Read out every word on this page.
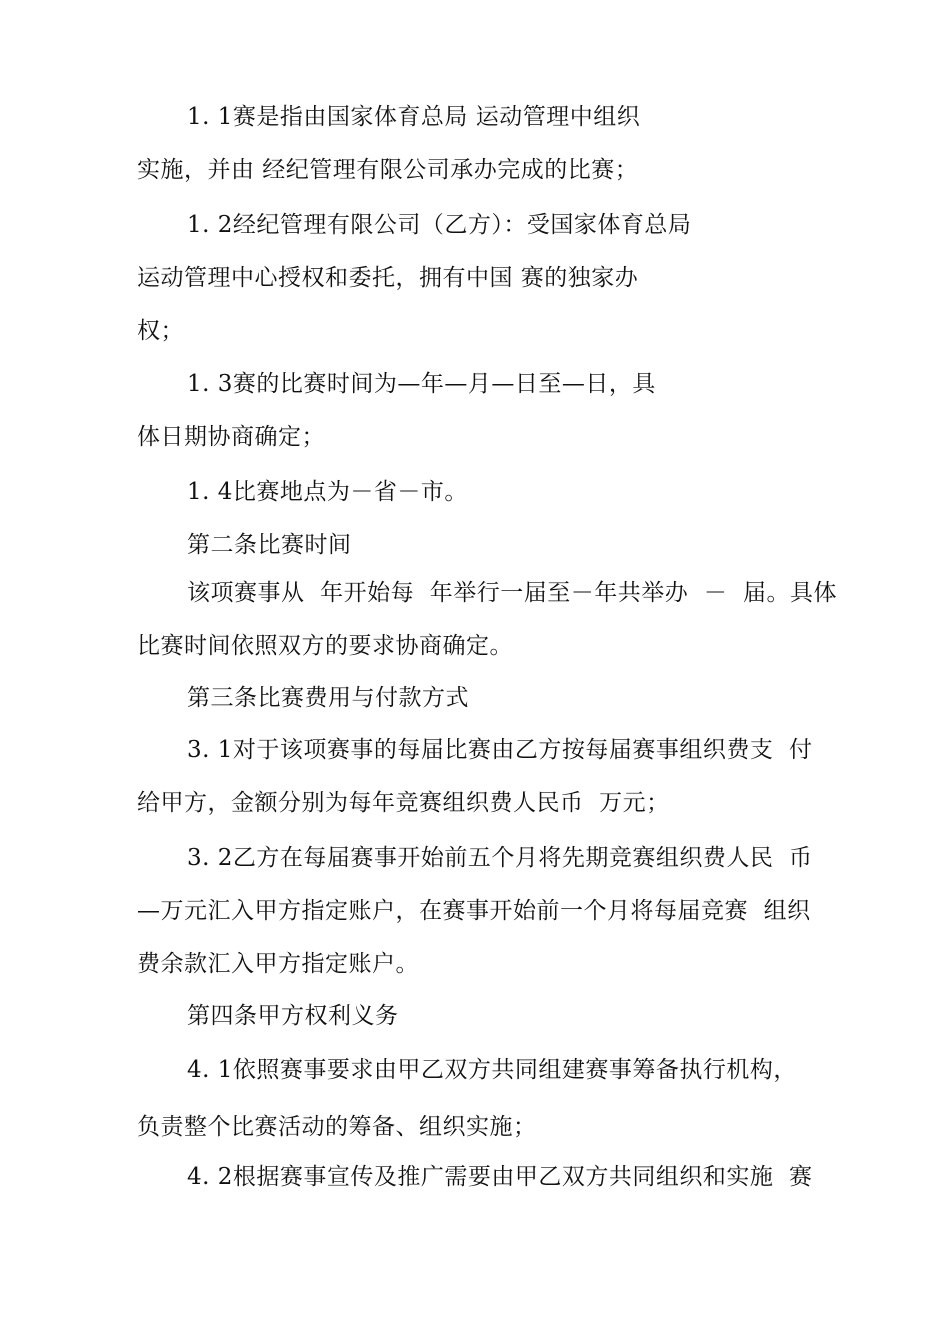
1. 1赛是指由国家体育总局 运动管理中组织
实施，并由 经纪管理有限公司承办完成的比赛；
1. 2经纪管理有限公司（乙方）：受国家体育总局
运动管理中心授权和委托，拥有中国 赛的独家办
权；
1. 3赛的比赛时间为—年—月—日至—日，具
体日期协商确定；
1. 4比赛地点为－省－市。
第二条比赛时间
该项赛事从  年开始每  年举行一届至－年共举办  －  届。具体
比赛时间依照双方的要求协商确定。
第三条比赛费用与付款方式
3. 1对于该项赛事的每届比赛由乙方按每届赛事组织费支  付
给甲方，金额分别为每年竞赛组织费人民币  万元；
3. 2乙方在每届赛事开始前五个月将先期竞赛组织费人民  币
—万元汇入甲方指定账户，在赛事开始前一个月将每届竞赛  组织
费余款汇入甲方指定账户。
第四条甲方权利义务
4. 1依照赛事要求由甲乙双方共同组建赛事筹备执行机构，
负责整个比赛活动的筹备、组织实施；
4. 2根据赛事宣传及推广需要由甲乙双方共同组织和实施  赛
